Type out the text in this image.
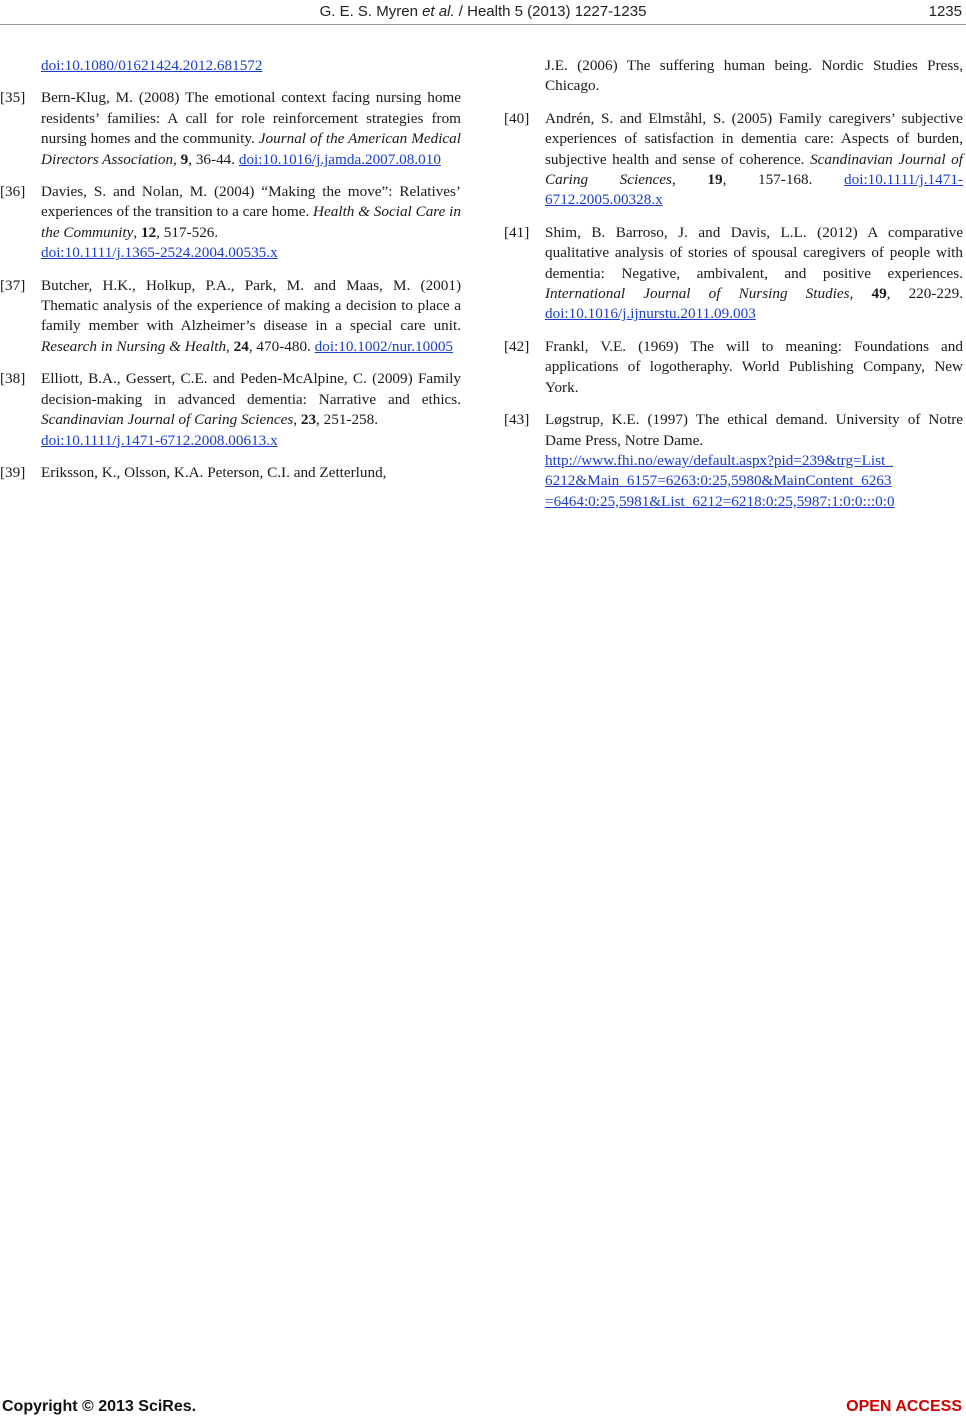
G. E. S. Myren et al. / Health 5 (2013) 1227-1235	1235
doi:10.1080/01621424.2012.681572
[35] Bern-Klug, M. (2008) The emotional context facing nursing home residents’ families: A call for role reinforcement strategies from nursing homes and the community. Journal of the American Medical Directors Association, 9, 36-44. doi:10.1016/j.jamda.2007.08.010
[36] Davies, S. and Nolan, M. (2004) “Making the move”: Relatives’ experiences of the transition to a care home. Health & Social Care in the Community, 12, 517-526.
doi:10.1111/j.1365-2524.2004.00535.x
[37] Butcher, H.K., Holkup, P.A., Park, M. and Maas, M. (2001) Thematic analysis of the experience of making a decision to place a family member with Alzheimer’s disease in a special care unit. Research in Nursing & Health, 24, 470-480. doi:10.1002/nur.10005
[38] Elliott, B.A., Gessert, C.E. and Peden-McAlpine, C. (2009) Family decision-making in advanced dementia: Narrative and ethics. Scandinavian Journal of Caring Sciences, 23, 251-258.
doi:10.1111/j.1471-6712.2008.00613.x
[39] Eriksson, K., Olsson, K.A. Peterson, C.I. and Zetterlund,
J.E. (2006) The suffering human being. Nordic Studies Press, Chicago.
[40] Andrén, S. and Elmståhl, S. (2005) Family caregivers’ subjective experiences of satisfaction in dementia care: Aspects of burden, subjective health and sense of coherence. Scandinavian Journal of Caring Sciences, 19, 157-168. doi:10.1111/j.1471-6712.2005.00328.x
[41] Shim, B. Barroso, J. and Davis, L.L. (2012) A comparative qualitative analysis of stories of spousal caregivers of people with dementia: Negative, ambivalent, and positive experiences. International Journal of Nursing Studies, 49, 220-229. doi:10.1016/j.ijnurstu.2011.09.003
[42] Frankl, V.E. (1969) The will to meaning: Foundations and applications of logotheraphy. World Publishing Company, New York.
[43] Løgstrup, K.E. (1997) The ethical demand. University of Notre Dame Press, Notre Dame.
http://www.fhi.no/eway/default.aspx?pid=239&trg=List_
6212&Main_6157=6263:0:25,5980&MainContent_6263
=6464:0:25,5981&List_6212=6218:0:25,5987:1:0:0:::0:0
Copyright © 2013 SciRes.	OPEN ACCESS
